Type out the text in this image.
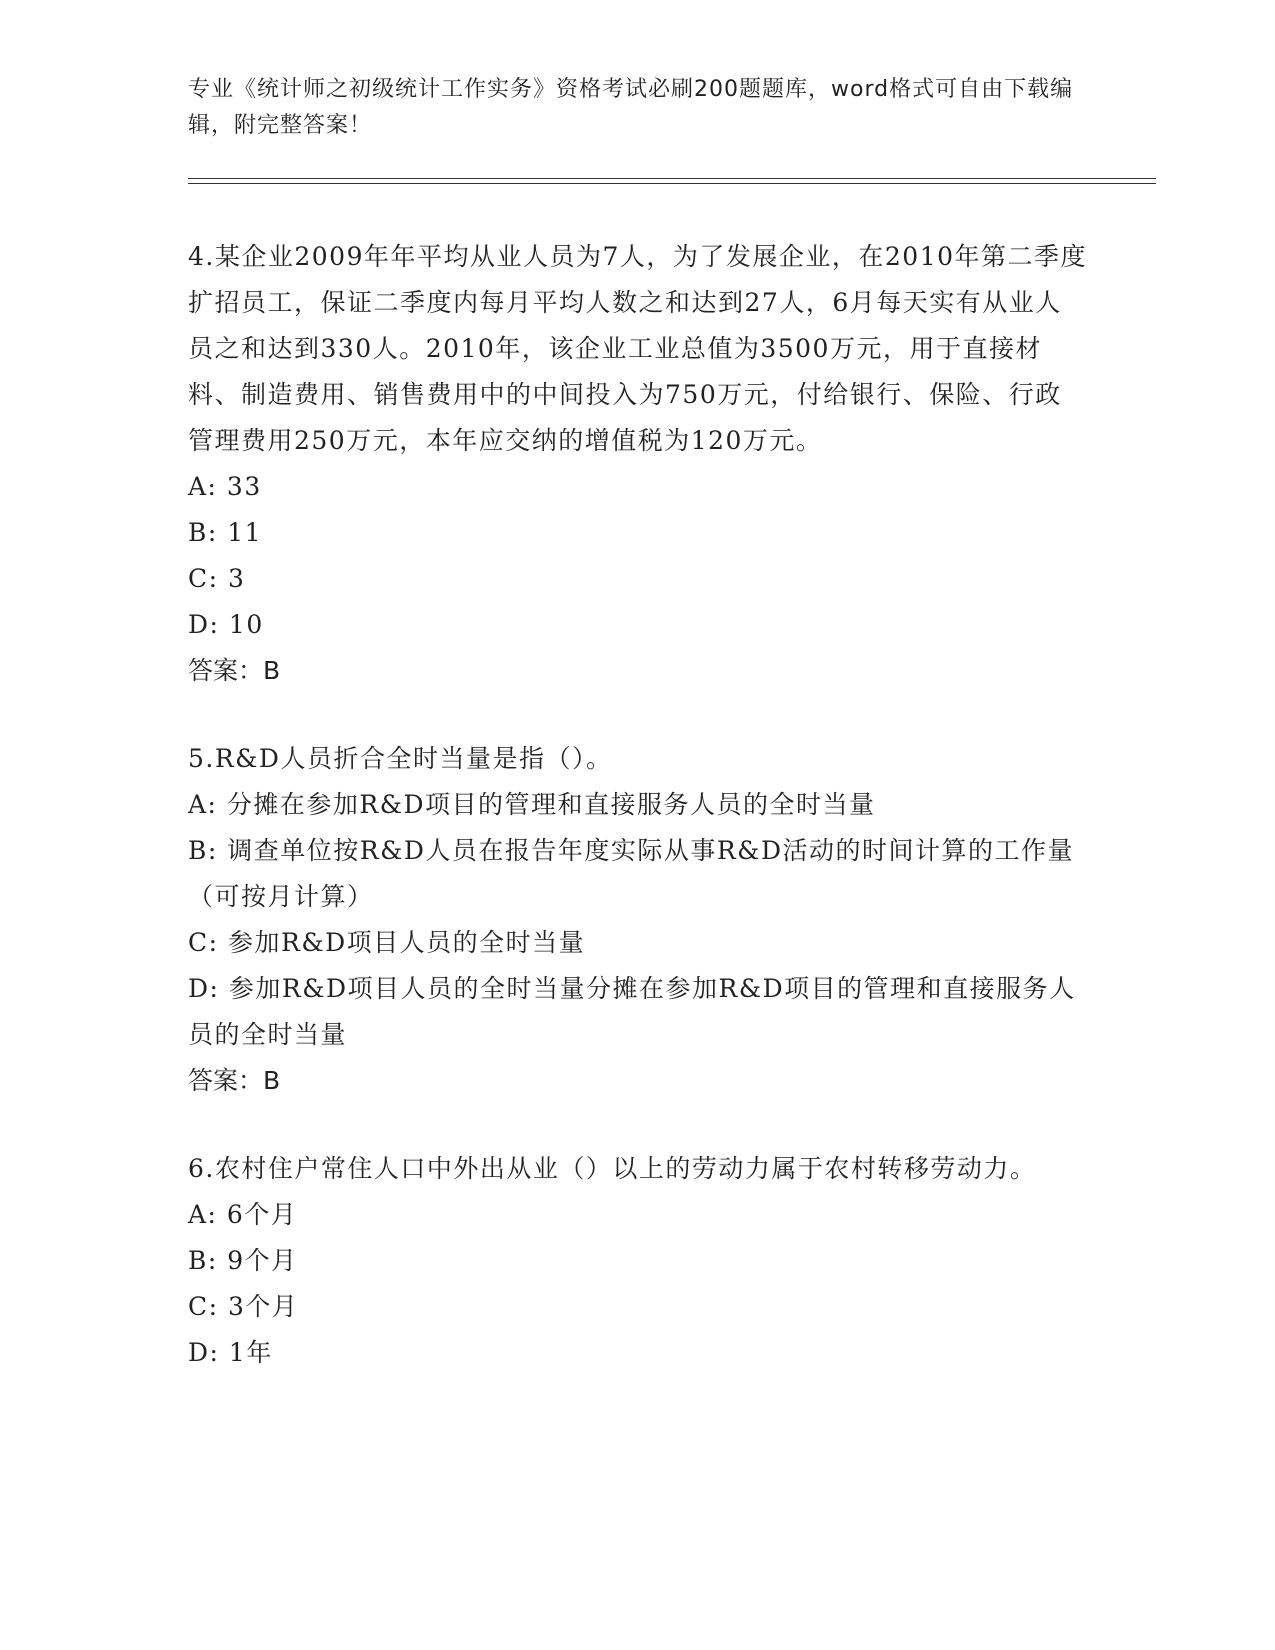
专业《统计师之初级统计工作实务》资格考试必刷200题题库，word格式可自由下载编辑，附完整答案！

4.某企业2009年年平均从业人员为7人，为了发展企业，在2010年第二季度扩招员工，保证二季度内每月平均人数之和达到27人，6月每天实有从业人员之和达到330人。2010年，该企业工业总值为3500万元，用于直接材料、制造费用、销售费用中的中间投入为750万元，付给银行、保险、行政管理费用250万元，本年应交纳的增值税为120万元。

A: 33

B: 11

C: 3

D: 10

答案：B

5.R&D人员折合全时当量是指（）。

A: 分摊在参加R&D项目的管理和直接服务人员的全时当量

B: 调查单位按R&D人员在报告年度实际从事R&D活动的时间计算的工作量（可按月计算）

C: 参加R&D项目人员的全时当量

D: 参加R&D项目人员的全时当量分摊在参加R&D项目的管理和直接服务人员的全时当量

答案：B

6.农村住户常住人口中外出从业（）以上的劳动力属于农村转移劳动力。

A: 6个月

B: 9个月

C: 3个月

D: 1年
